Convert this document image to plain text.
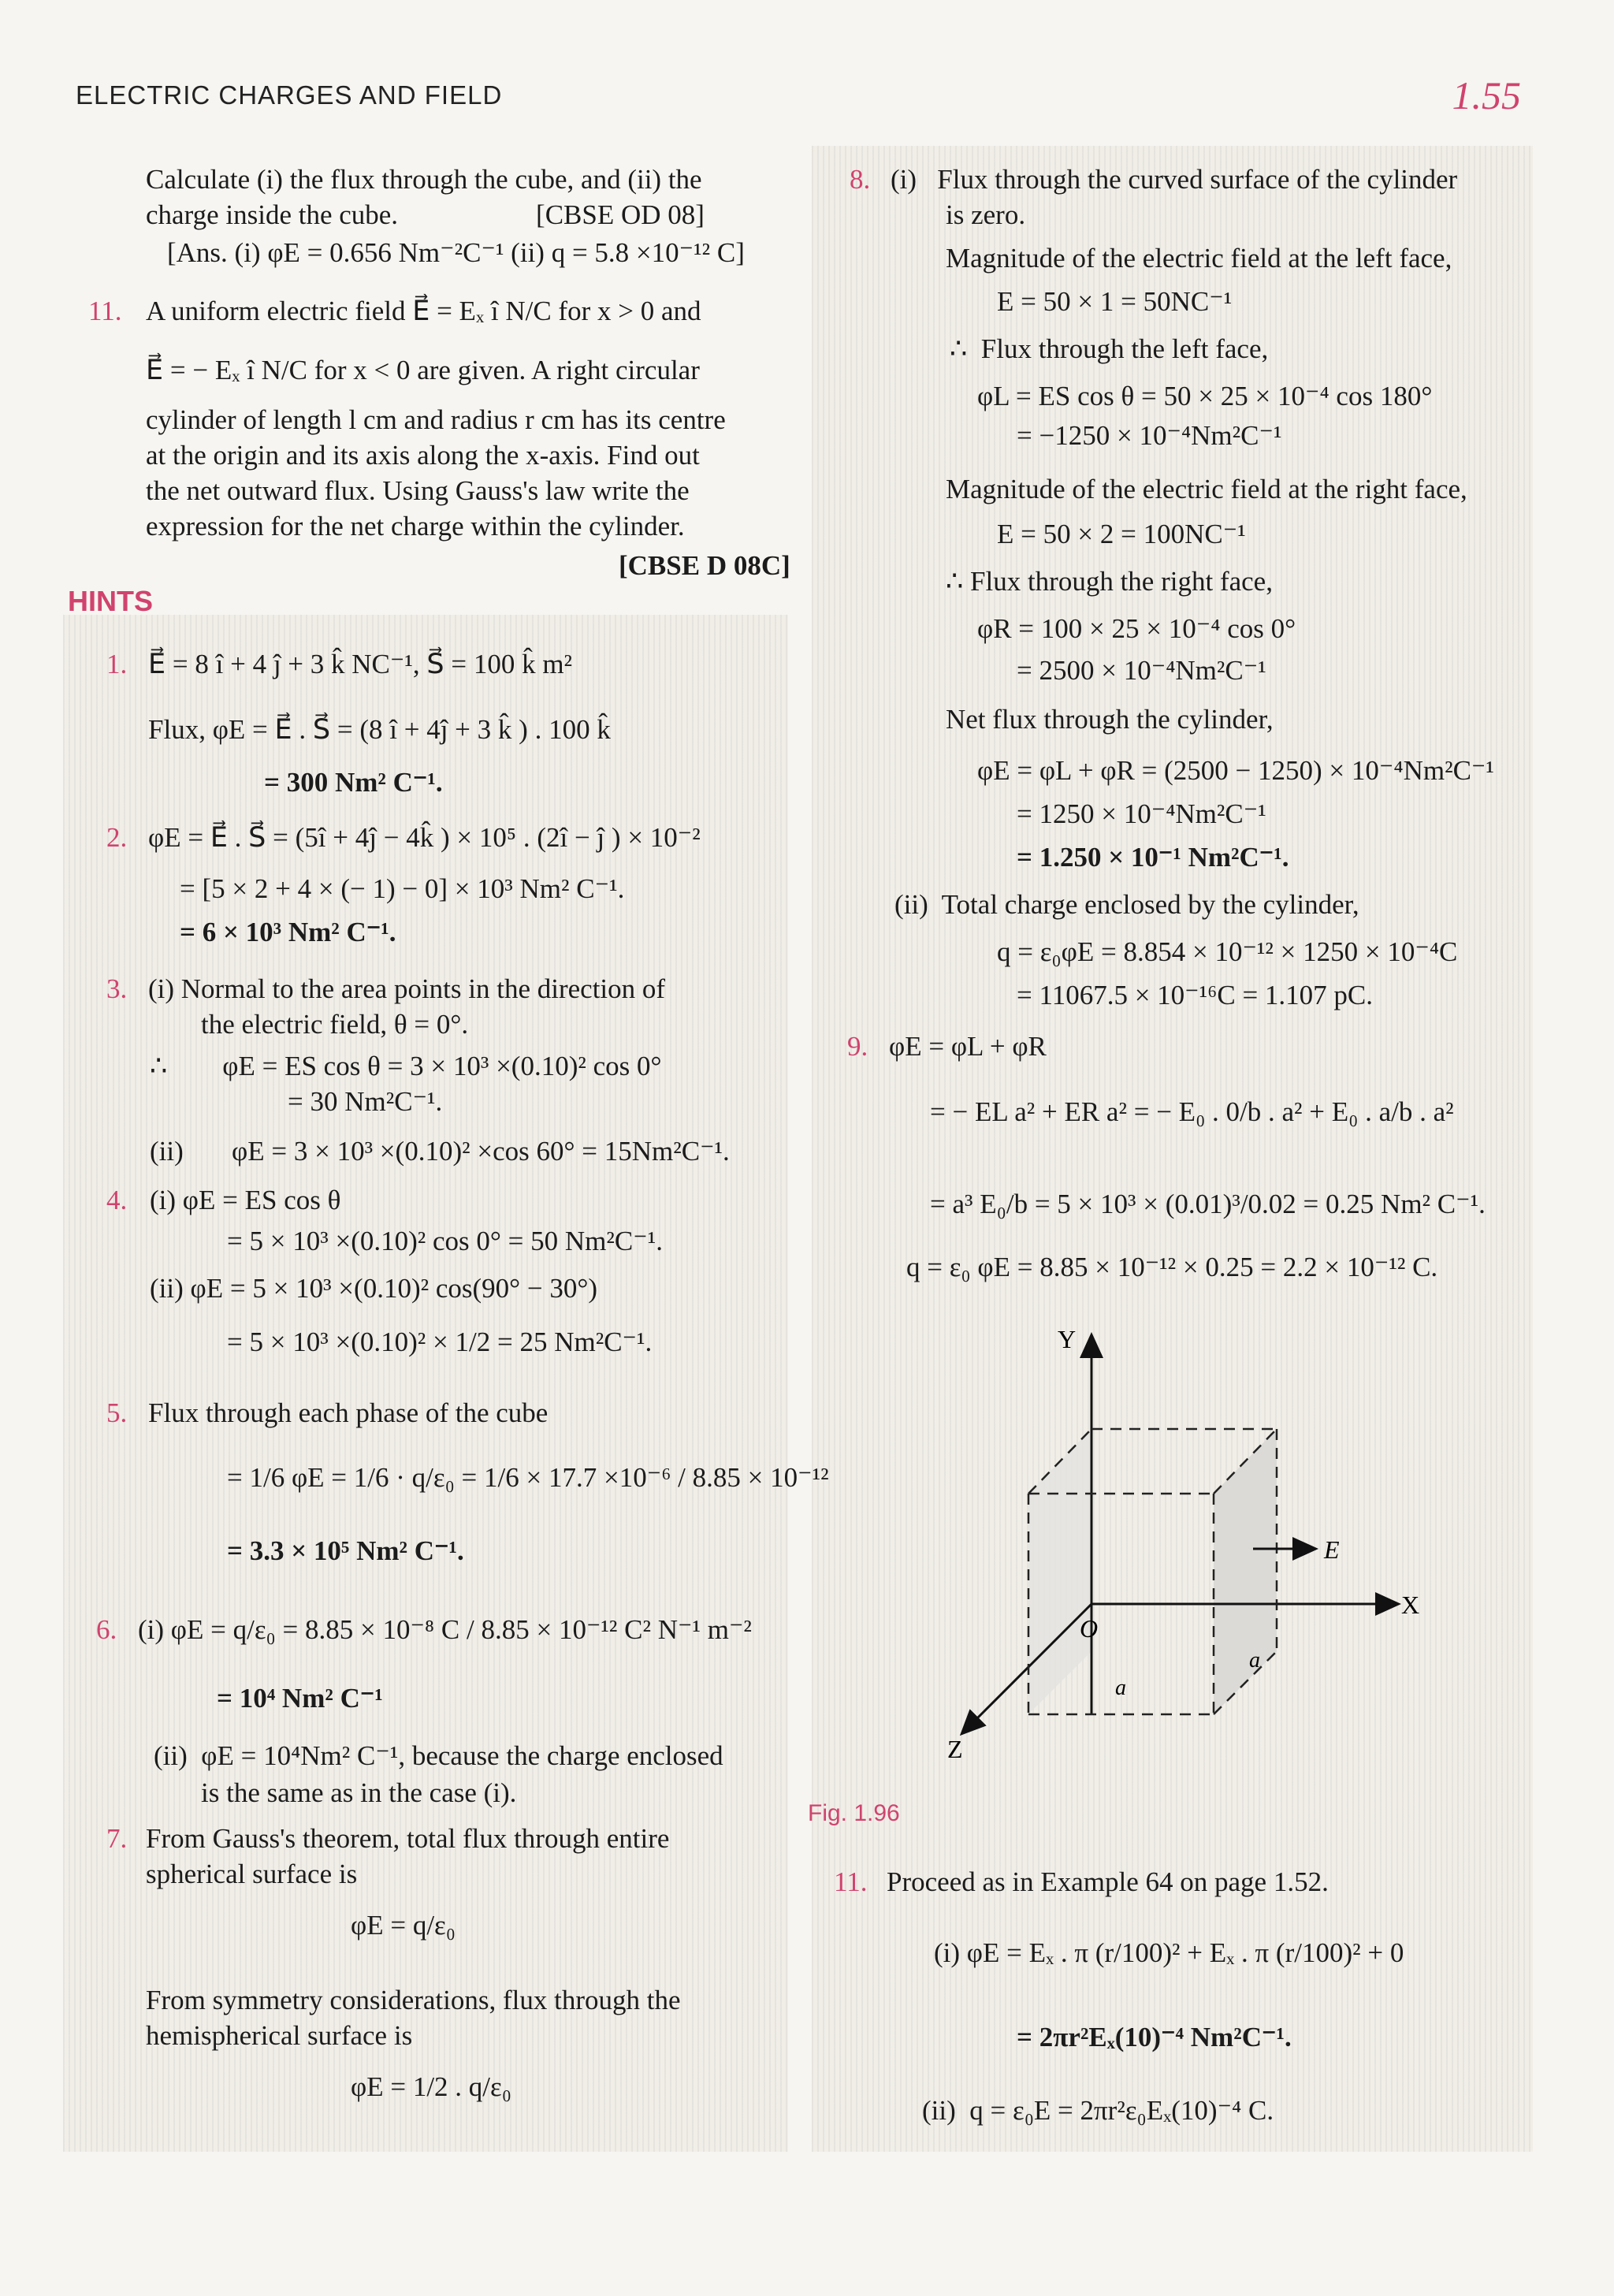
ELECTRIC CHARGES AND FIELD	1.55
Calculate (i) the flux through the cube, and (ii) the
charge inside the cube.                    [CBSE OD 08]
[Ans. (i) φE = 0.656 Nm⁻²C⁻¹ (ii) q = 5.8 ×10⁻¹² C]
11. A uniform electric field E⃗ = Eₓ î N/C for x > 0 and
E⃗ = − Eₓ î N/C for x < 0 are given. A right circular
cylinder of length l cm and radius r cm has its centre
at the origin and its axis along the x-axis. Find out
the net outward flux. Using Gauss's law write the
expression for the net charge within the cylinder.
[CBSE D 08C]
HINTS
1. E⃗ = 8 î + 4 ĵ + 3 k̂ NC⁻¹, S⃗ = 100 k̂ m²
Flux, φE = E⃗ . S⃗ = (8 î + 4ĵ + 3 k̂ ) . 100 k̂
= 300 Nm² C⁻¹.
2. φE = E⃗ . S⃗ = (5î + 4ĵ − 4k̂ ) × 10⁵ . (2î − ĵ ) × 10⁻²
= [5 × 2 + 4 × (− 1) − 0] × 10³ Nm² C⁻¹.
= 6 × 10³ Nm² C⁻¹.
3. (i) Normal to the area points in the direction of
the electric field, θ = 0°.
∴        φE = ES cos θ = 3 × 10³ ×(0.10)² cos 0°
= 30 Nm²C⁻¹.
(ii)       φE = 3 × 10³ ×(0.10)² ×cos 60° = 15Nm²C⁻¹.
4. (i) φE = ES cos θ
= 5 × 10³ ×(0.10)² cos 0° = 50 Nm²C⁻¹.
(ii) φE = 5 × 10³ ×(0.10)² cos(90° − 30°)
= 5 × 10³ ×(0.10)² × 1/2 = 25 Nm²C⁻¹.
5. Flux through each phase of the cube
= 1/6 φE = 1/6 · q/ε₀ = 1/6 × 17.7 ×10⁻⁶ / 8.85 × 10⁻¹²
= 3.3 × 10⁵ Nm² C⁻¹.
6. (i) φE = q/ε₀ = 8.85 × 10⁻⁸ C / 8.85 × 10⁻¹² C² N⁻¹ m⁻²
= 10⁴ Nm² C⁻¹
(ii)  φE = 10⁴Nm² C⁻¹, because the charge enclosed
is the same as in the case (i).
7. From Gauss's theorem, total flux through entire
spherical surface is
φE = q/ε₀
From symmetry considerations, flux through the
hemispherical surface is
φE = 1/2 . q/ε₀
8. (i)   Flux through the curved surface of the cylinder
is zero.
Magnitude of the electric field at the left face,
E = 50 × 1 = 50NC⁻¹
∴  Flux through the left face,
φL = ES cos θ = 50 × 25 × 10⁻⁴ cos 180°
= −1250 × 10⁻⁴Nm²C⁻¹
Magnitude of the electric field at the right face,
E = 50 × 2 = 100NC⁻¹
∴ Flux through the right face,
φR = 100 × 25 × 10⁻⁴ cos 0°
= 2500 × 10⁻⁴Nm²C⁻¹
Net flux through the cylinder,
φE = φL + φR = (2500 − 1250) × 10⁻⁴Nm²C⁻¹
= 1250 × 10⁻⁴Nm²C⁻¹
= 1.250 × 10⁻¹ Nm²C⁻¹.
(ii)  Total charge enclosed by the cylinder,
q = ε₀φE = 8.854 × 10⁻¹² × 1250 × 10⁻⁴C
= 11067.5 × 10⁻¹⁶C = 1.107 pC.
9. φE = φL + φR
= − EL a² + ER a² = − E₀ . 0/b . a² + E₀ . a/b . a²
= a³ E₀/b = 5 × 10³ × (0.01)³/0.02 = 0.25 Nm² C⁻¹.
q = ε₀ φE = 8.85 × 10⁻¹² × 0.25 = 2.2 × 10⁻¹² C.
Y
X
Z
E
O
a
a
Fig. 1.96
11. Proceed as in Example 64 on page 1.52.
(i) φE = Eₓ . π (r/100)² + Eₓ . π (r/100)² + 0
= 2πr²Eₓ(10)⁻⁴ Nm²C⁻¹.
(ii)  q = ε₀E = 2πr²ε₀Eₓ(10)⁻⁴ C.
